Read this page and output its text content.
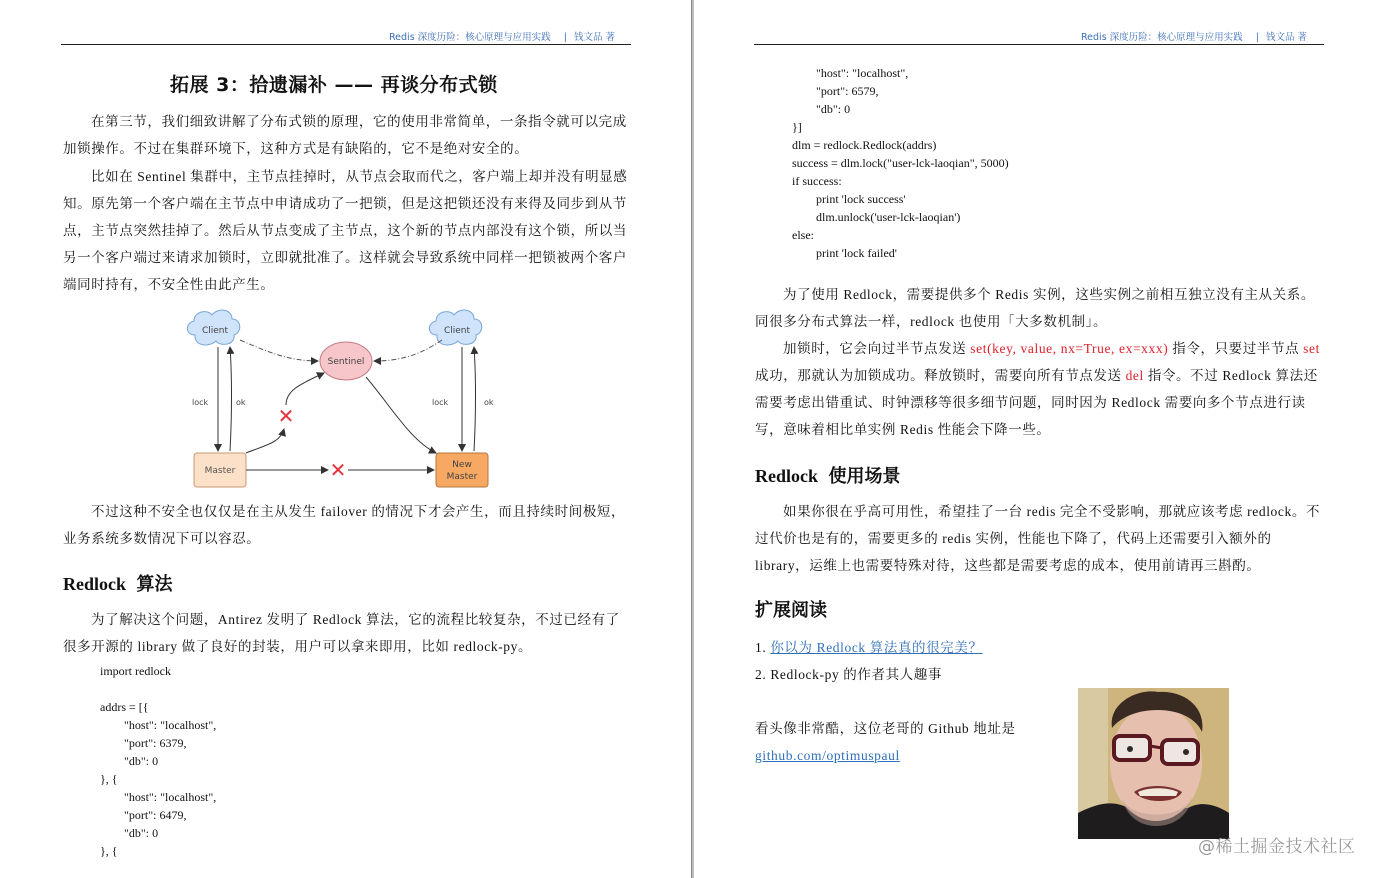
Redis 深度历险：核心原理与应用实践 | 钱文品 著
拓展 3：拾遗漏补 —— 再谈分布式锁
在第三节，我们细致讲解了分布式锁的原理，它的使用非常简单，一条指令就可以完成
加锁操作。不过在集群环境下，这种方式是有缺陷的，它不是绝对安全的。
比如在 Sentinel 集群中，主节点挂掉时，从节点会取而代之，客户端上却并没有明显感
知。原先第一个客户端在主节点中申请成功了一把锁，但是这把锁还没有来得及同步到从节
点，主节点突然挂掉了。然后从节点变成了主节点，这个新的节点内部没有这个锁，所以当
另一个客户端过来请求加锁时，立即就批准了。这样就会导致系统中同样一把锁被两个客户
端同时持有，不安全性由此产生。
Client	Client
Sentinel
Master
New
Master
lock	ok	lock	ok
✕
✕
不过这种不安全也仅仅是在主从发生 failover 的情况下才会产生，而且持续时间极短，
业务系统多数情况下可以容忍。
Redlock 算法
为了解决这个问题，Antirez 发明了 Redlock 算法，它的流程比较复杂，不过已经有了
很多开源的 library 做了良好的封装，用户可以拿来即用，比如 redlock-py。
import redlock
addrs = [{
"host": "localhost",
"port": 6379,
"db": 0
}, {
"host": "localhost",
"port": 6479,
"db": 0
}, {
Redis 深度历险：核心原理与应用实践 | 钱文品 著
"host": "localhost",
"port": 6579,
"db": 0
}]
dlm = redlock.Redlock(addrs)
success = dlm.lock("user-lck-laoqian", 5000)
if success:
print 'lock success'
dlm.unlock('user-lck-laoqian')
else:
print 'lock failed'
为了使用 Redlock，需要提供多个 Redis 实例，这些实例之前相互独立没有主从关系。
同很多分布式算法一样，redlock 也使用「大多数机制」。
加锁时，它会向过半节点发送 set(key, value, nx=True, ex=xxx) 指令，只要过半节点 set
成功，那就认为加锁成功。释放锁时，需要向所有节点发送 del 指令。不过 Redlock 算法还
需要考虑出错重试、时钟漂移等很多细节问题，同时因为 Redlock 需要向多个节点进行读
写，意味着相比单实例 Redis 性能会下降一些。
Redlock 使用场景
如果你很在乎高可用性，希望挂了一台 redis 完全不受影响，那就应该考虑 redlock。不
过代价也是有的，需要更多的 redis 实例，性能也下降了，代码上还需要引入额外的
library，运维上也需要特殊对待，这些都是需要考虑的成本，使用前请再三斟酌。
扩展阅读
1. 你以为 Redlock 算法真的很完美？
2. Redlock-py 的作者其人趣事
看头像非常酷，这位老哥的 Github 地址是
github.com/optimuspaul
@稀土掘金技术社区
